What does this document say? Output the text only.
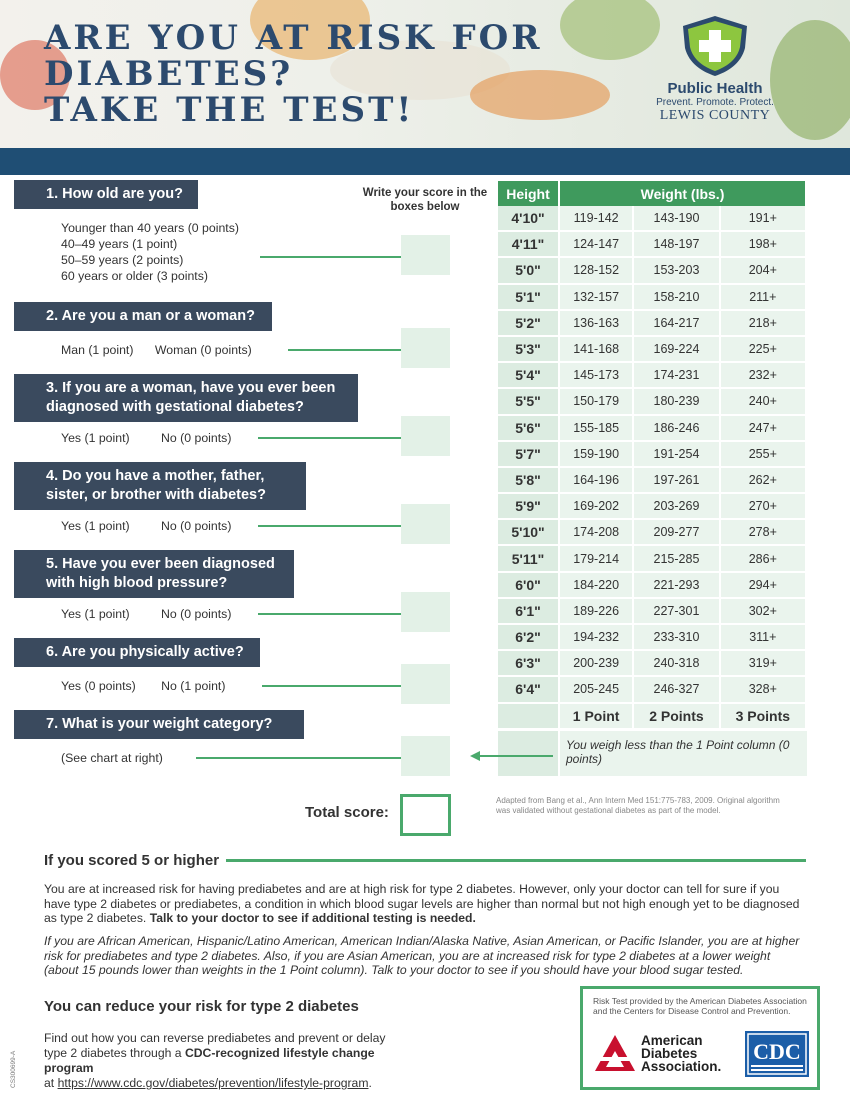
ARE YOU AT RISK FOR
DIABETES?
TAKE THE TEST!
Public Health
Prevent. Promote. Protect.
LEWIS COUNTY
Write your score in the boxes below
1. How old are you?
Younger than 40 years (0 points)
40–49 years (1 point)
50–59 years (2 points)
60 years or older (3 points)
2. Are you a man or a woman?
Man (1 point) Woman (0 points)
3. If you are a woman, have you ever been
diagnosed with gestational diabetes?
Yes (1 point)	No (0 points)
4. Do you have a mother, father,
sister, or brother with diabetes?
Yes (1 point)	No (0 points)
5. Have you ever been diagnosed
with high blood pressure?
Yes (1 point)	No (0 points)
6. Are you physically active?
Yes (0 points) No (1 point)
7. What is your weight category?
(See chart at right)
Total score:
Height	Weight (lbs.)		
4'10"	119-142	143-190	191+
4'11"	124-147	148-197	198+
5'0"	128-152	153-203	204+
5'1"	132-157	158-210	211+
5'2"	136-163	164-217	218+
5'3"	141-168	169-224	225+
5'4"	145-173	174-231	232+
5'5"	150-179	180-239	240+
5'6"	155-185	186-246	247+
5'7"	159-190	191-254	255+
5'8"	164-196	197-261	262+
5'9"	169-202	203-269	270+
5'10"	174-208	209-277	278+
5'11"	179-214	215-285	286+
6'0"	184-220	221-293	294+
6'1"	189-226	227-301	302+
6'2"	194-232	233-310	311+
6'3"	200-239	240-318	319+
6'4"	205-245	246-327	328+
	1 Point	2 Points	3 Points
You weigh less than the 1 Point column (0 points)
Adapted from Bang et al., Ann Intern Med 151:775-783, 2009. Original algorithm was validated without gestational diabetes as part of the model.
If you scored 5 or higher
You are at increased risk for having prediabetes and are at high risk for type 2 diabetes. However, only your doctor can tell for sure if you have type 2 diabetes or prediabetes, a condition in which blood sugar levels are higher than normal but not high enough yet to be diagnosed as type 2 diabetes. Talk to your doctor to see if additional testing is needed.
If you are African American, Hispanic/Latino American, American Indian/Alaska Native, Asian American, or Pacific Islander, you are at higher risk for prediabetes and type 2 diabetes. Also, if you are Asian American, you are at increased risk for type 2 diabetes at a lower weight (about 15 pounds lower than weights in the 1 Point column). Talk to your doctor to see if you should have your blood sugar tested.
You can reduce your risk for type 2 diabetes
Find out how you can reverse prediabetes and prevent or delay
type 2 diabetes through a CDC-recognized lifestyle change program
at https://www.cdc.gov/diabetes/prevention/lifestyle-program.
CS300699-A
Risk Test provided by the American Diabetes Association and the Centers for Disease Control and Prevention.
American
Diabetes
Association.
CDC
